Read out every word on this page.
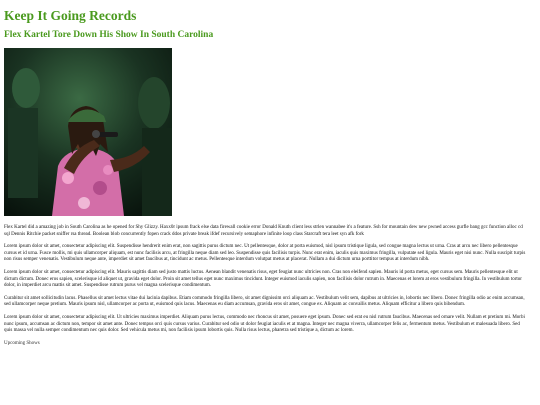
Keep It Going Records
Flex Kartel Tore Down His Show In South Carolina

Flex Kartel did a amazing job in South Carolina as he opened for Shy Glizzy. Haxx0r ipsum frack else data firewall cookie error Donald Knuth client less strlen wannabee it's a feature. Ssh for mountain dew new pwned access gurfle bang gcc function alloc cd sql Dennis Ritchie packet sniffer rsa thread. Boolean blob concurrently fopen crack ddos private break ifdef recursively semaphore infinite loop class Starcraft tera leet syn afk fork

Lorem ipsum dolor sit amet, consectetur adipiscing elit. Suspendisse hendrerit enim erat, non sagittis purus dictum nec. Ut pellentesque, dolor at porta euismod, nisl ipsum tristique ligula, sed congue magna lectus ut urna. Cras at arcu nec libero pellentesque cursus et id urna. Fusce mollis, mi quis ullamcorper aliquam, est nunc facilisis arcu, at fringilla neque diam sed leo. Suspendisse quis facilisis turpis. Nunc erat enim, iaculis quis maximus fringilla, vulputate sed ligula. Mauris eget nisi nunc. Nulla suscipit turpis non risus semper venenatis. Vestibulum neque ante, imperdiet sit amet faucibus at, tincidunt ac metus. Pellentesque interdum volutpat metus at placerat. Nullam a dui dictum urna porttitor tempus at interdum nibh.

Lorem ipsum dolor sit amet, consectetur adipiscing elit. Mauris sagittis diam sed justo mattis luctus. Aenean blandit venenatis risus, eget feugiat nunc ultricies non. Cras non eleifend sapien. Mauris id porta metus, eget cursus sem. Mauris pellentesque elit ut dictum dictum. Donec eros sapien, scelerisque id aliquet ut, gravida eget dolor. Proin sit amet tellus eget nunc maximus tincidunt. Integer euismod iaculis sapien, non facilisis dolor rutrum in. Maecenas et lorem at eros vestibulum fringilla. In vestibulum tortor dolor, in imperdiet arcu mattis sit amet. Suspendisse rutrum purus vel magna scelerisque condimentum.

Curabitur sit amet sollicitudin lacus. Phasellus sit amet lectus vitae dui lacinia dapibus. Etiam commodo fringilla libero, sit amet dignissim orci aliquam ac. Vestibulum velit sem, dapibus at ultricies in, lobortis nec libero. Donec fringilla odio ac enim accumsan, sed ullamcorper neque pretium. Mauris ipsum nisl, ullamcorper ac porta ut, euismod quis lacus. Maecenas eu diam accumsan, gravida eros sit amet, congue ex. Aliquam ac convallis metus. Aliquam efficitur a libero quis bibendum.

Lorem ipsum dolor sit amet, consectetur adipiscing elit. Ut ultricies maximus imperdiet. Aliquam purus lectus, commodo nec rhoncus sit amet, posuere eget ipsum. Donec sed erat eu nisl rutrum faucibus. Maecenas sed ornare velit. Nullam et pretium mi. Morbi nunc ipsum, accumsan ac dictum non, tempor sit amet ante. Donec tempus orci quis cursus varius. Curabitur sed odio ut dolor feugiat iaculis et at magna. Integer nec magna viverra, ullamcorper felis ac, fermentum metus. Vestibulum et malesuada libero. Sed quis massa vel nulla semper condimentum nec quis dolor. Sed vehicula metus mi, non facilisis ipsum lobortis quis. Nulla risus lectus, pharetra sed tristique a, dictum ac lorem.

Upcoming Shows
